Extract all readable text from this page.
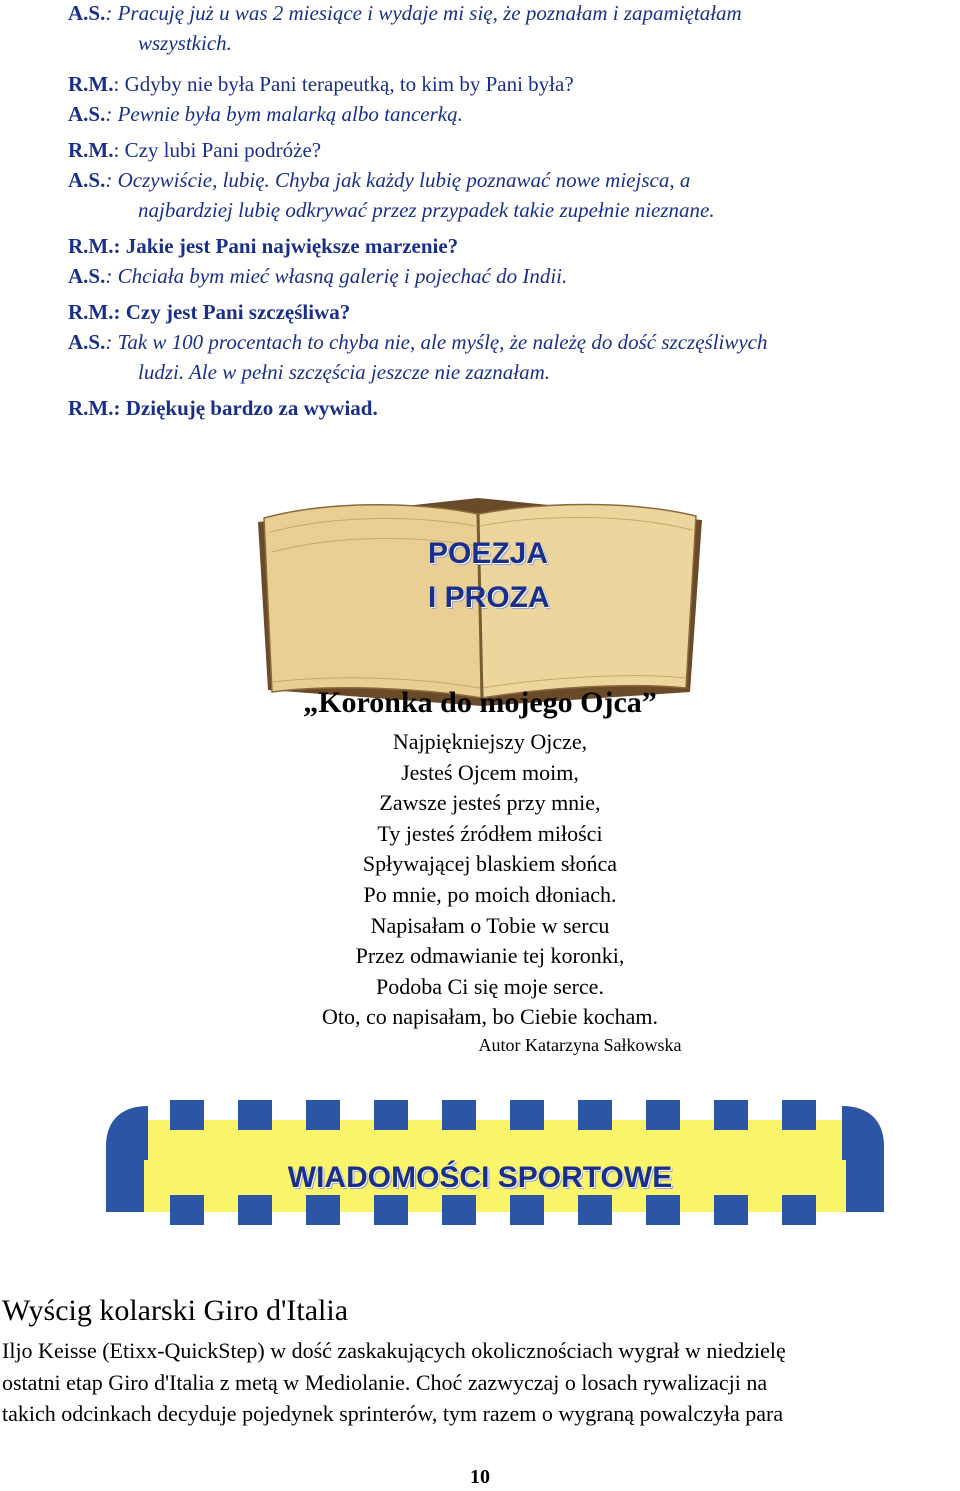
A.S.: Pracuję już u was 2 miesiące i wydaje mi się, że poznałam i zapamiętałam
wszystkich.
R.M.: Gdyby nie była Pani terapeutką, to kim by Pani była?
A.S.: Pewnie była bym malarką albo tancerką.
R.M.: Czy lubi Pani podróże?
A.S.: Oczywiście, lubię. Chyba jak każdy lubię poznawać nowe miejsca, a
najbardziej lubię odkrywać przez przypadek takie zupełnie nieznane.
R.M.: Jakie jest Pani największe marzenie?
A.S.: Chciała bym mieć własną galerię i pojechać do Indii.
R.M.: Czy jest Pani szczęśliwa?
A.S.: Tak w 100 procentach to chyba nie, ale myślę, że należę do dość szczęśliwych
ludzi. Ale w pełni szczęścia jeszcze nie zaznałam.
R.M.: Dziękuję bardzo za wywiad.
POEZJA
I PROZA
„Koronka do mojego Ojca”
Najpiękniejszy Ojcze,
Jesteś Ojcem moim,
Zawsze jesteś przy mnie,
Ty jesteś źródłem miłości
Spływającej blaskiem słońca
Po mnie, po moich dłoniach.
Napisałam o Tobie w sercu
Przez odmawianie tej koronki,
Podoba Ci się moje serce.
Oto, co napisałam, bo Ciebie kocham.
Autor Katarzyna Sałkowska
WIADOMOŚCI SPORTOWE
Wyścig kolarski Giro d'Italia
Iljo Keisse (Etixx-QuickStep) w dość zaskakujących okolicznościach wygrał w niedzielę
ostatni etap Giro d'Italia z metą w Mediolanie. Choć zazwyczaj o losach rywalizacji na
takich odcinkach decyduje pojedynek sprinterów, tym razem o wygraną powalczyła para
10
